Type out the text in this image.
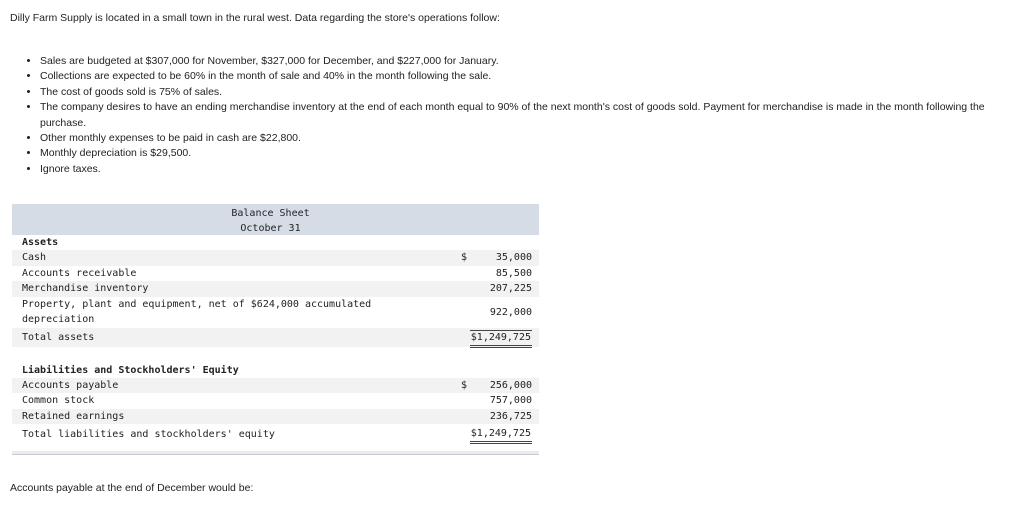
Dilly Farm Supply is located in a small town in the rural west. Data regarding the store's operations follow:
• Sales are budgeted at $307,000 for November, $327,000 for December, and $227,000 for January.
• Collections are expected to be 60% in the month of sale and 40% in the month following the sale.
• The cost of goods sold is 75% of sales.
• The company desires to have an ending merchandise inventory at the end of each month equal to 90% of the next month's cost of goods sold. Payment for merchandise is made in the month following the purchase.
• Other monthly expenses to be paid in cash are $22,800.
• Monthly depreciation is $29,500.
• Ignore taxes.
Balance Sheet
October 31
Assets
Cash	$	35,000
Accounts receivable	85,500
Merchandise inventory	207,225
Property, plant and equipment, net of $624,000 accumulated depreciation
922,000
Total assets	$1,249,725
Liabilities and Stockholders' Equity
Accounts payable	$ 256,000
Common stock	757,000
Retained earnings	236,725
Total liabilities and stockholders' equity	$1,249,725
Accounts payable at the end of December would be:
